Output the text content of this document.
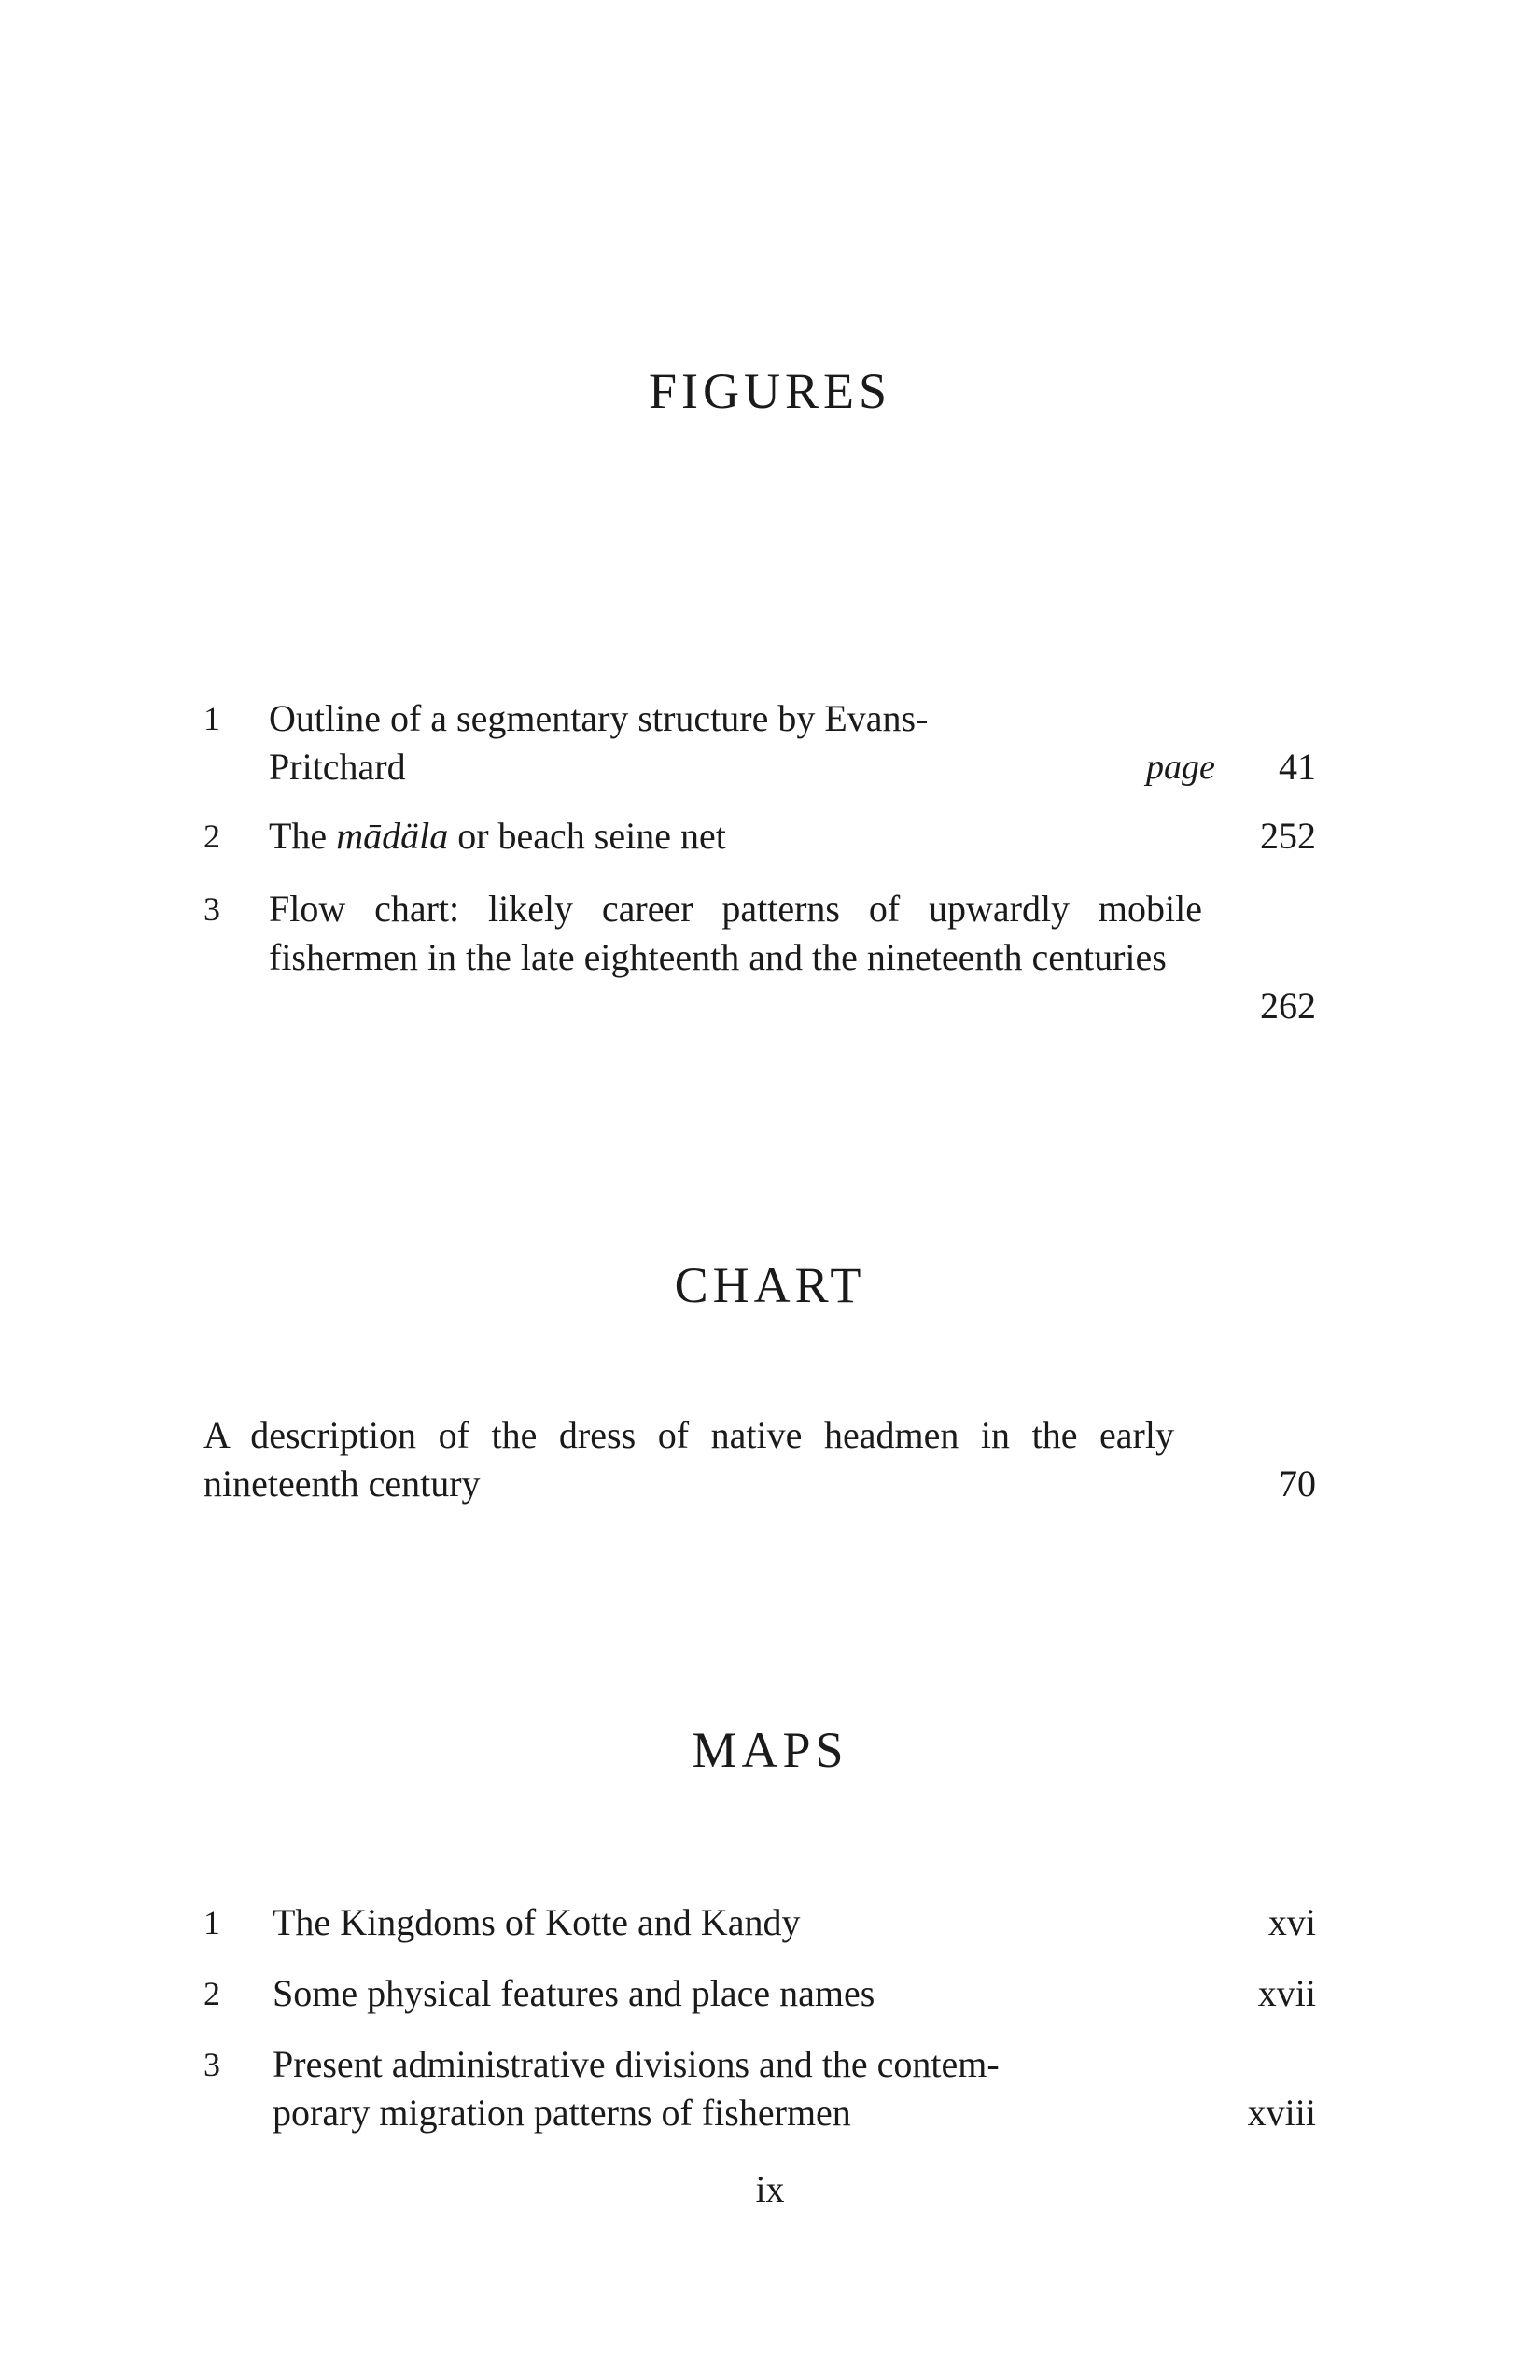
FIGURES
1	Outline of a segmentary structure by Evans-
Pritchard	page	41
2	The mādäla or beach seine net	252
3	Flow chart: likely career patterns of upwardly mobile fishermen in the late eighteenth and the nineteenth centuries
262
CHART
A description of the dress of native headmen in the early nineteenth century	70
MAPS
1	The Kingdoms of Kotte and Kandy	xvi
2	Some physical features and place names	xvii
3	Present administrative divisions and the contem-
porary migration patterns of fishermen	xviii
ix
